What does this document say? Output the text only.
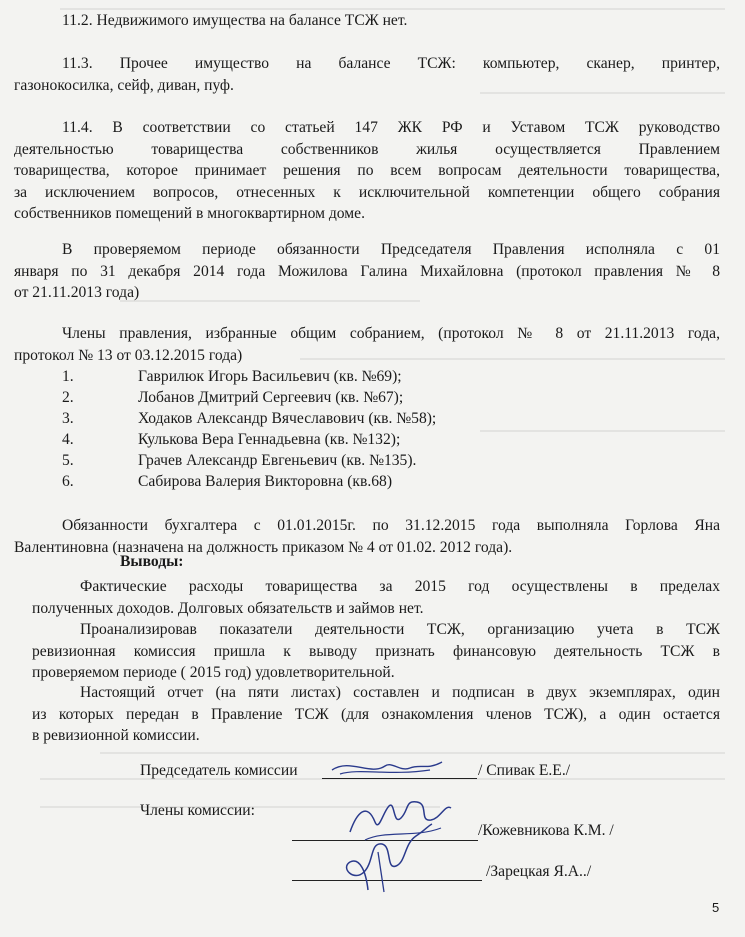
11.2. Недвижимого имущества на балансе ТСЖ нет.

11.3. Прочее имущество на балансе ТСЖ: компьютер, сканер, принтер,
газонокосилка, сейф, диван, пуф.

11.4. В соответствии со статьей 147 ЖК РФ и Уставом ТСЖ руководство
деятельностью товарищества собственников жилья осуществляется Правлением
товарищества, которое принимает решения по всем вопросам деятельности товарищества,
за исключением вопросов, отнесенных к исключительной компетенции общего собрания
собственников помещений в многоквартирном доме.

В проверяемом периоде обязанности Председателя Правления исполняла с 01
января по 31 декабря 2014 года Можилова Галина Михайловна (протокол правления № 8
от 21.11.2013 года)

Члены правления, избранные общим собранием, (протокол № 8 от 21.11.2013 года,
протокол № 13 от 03.12.2015 года)

1.	Гаврилюк Игорь Васильевич (кв. №69);
2.	Лобанов Дмитрий Сергеевич (кв. №67);
3.	Ходаков Александр Вячеславович (кв. №58);
4.	Кулькова Вера Геннадьевна (кв. №132);
5.	Грачев Александр Евгеньевич (кв. №135).
6.	Сабирова Валерия Викторовна (кв.68)

Обязанности бухгалтера с 01.01.2015г. по 31.12.2015 года выполняла Горлова Яна
Валентиновна (назначена на должность приказом № 4 от 01.02. 2012 года).

Выводы:

Фактические расходы товарищества за 2015 год осуществлены в пределах
полученных доходов. Долговых обязательств и займов нет.

Проанализировав показатели деятельности ТСЖ, организацию учета в ТСЖ
ревизионная комиссия пришла к выводу признать финансовую деятельность ТСЖ в
проверяемом периоде ( 2015 год) удовлетворительной.

Настоящий отчет (на пяти листах) составлен и подписан в двух экземплярах, один
из которых передан в Правление ТСЖ (для ознакомления членов ТСЖ), а один остается
в ревизионной комиссии.

Председатель комиссии	/ Спивак Е.Е./
Члены комиссии:
/Кожевникова К.М. /
/Зарецкая Я.А../
5
